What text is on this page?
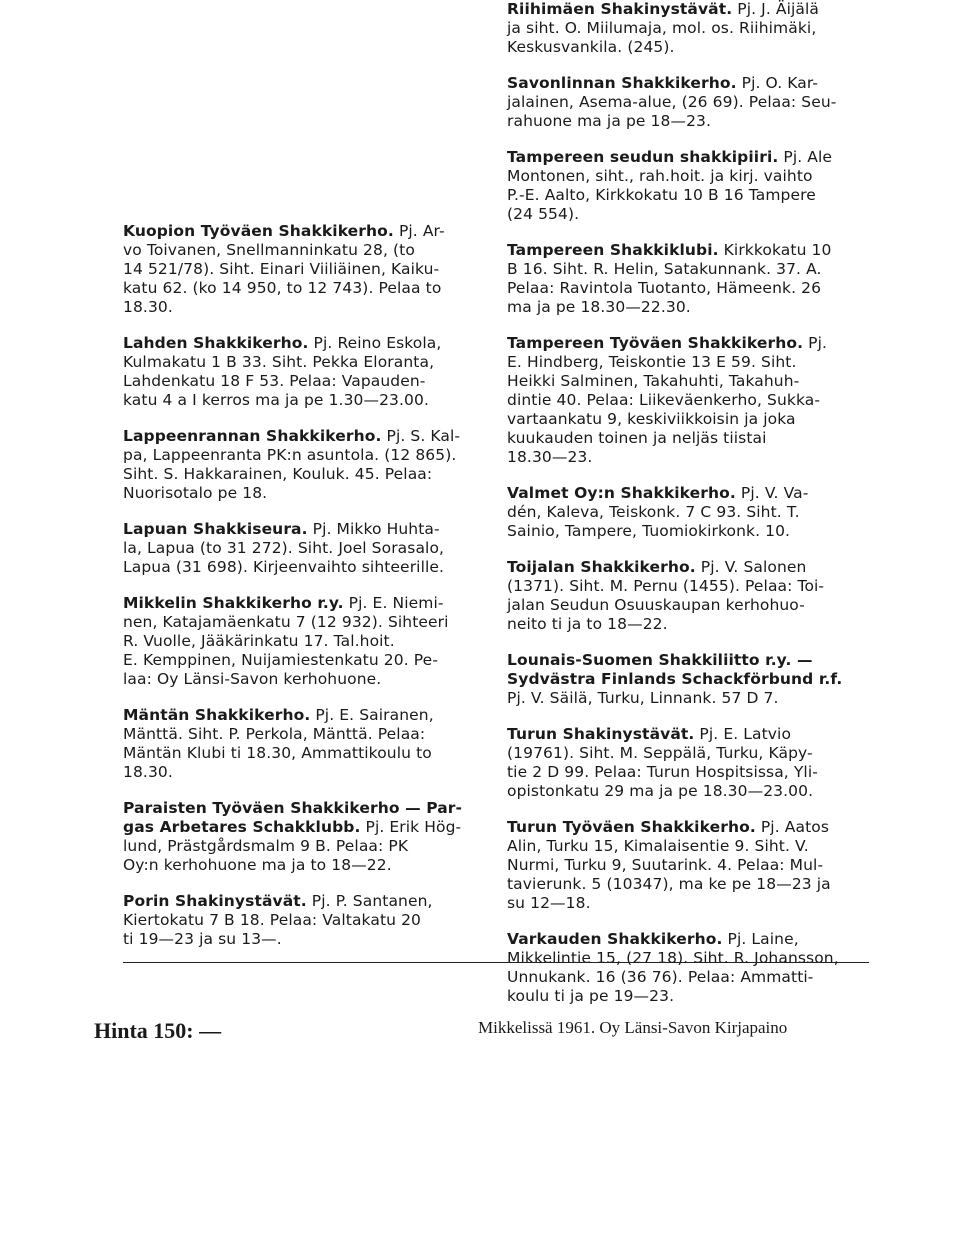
Kuopion Työväen Shakkikerho. Pj. Ar-
vo Toivanen, Snellmanninkatu 28, (to
14 521/78). Siht. Einari Viiliäinen, Kaiku-
katu 62. (ko 14 950, to 12 743). Pelaa to
18.30.
Lahden Shakkikerho. Pj. Reino Eskola,
Kulmakatu 1 B 33. Siht. Pekka Eloranta,
Lahdenkatu 18 F 53. Pelaa: Vapauden-
katu 4 a I kerros ma ja pe 1.30—23.00.
Lappeenrannan Shakkikerho. Pj. S. Kal-
pa, Lappeenranta PK:n asuntola. (12 865).
Siht. S. Hakkarainen, Kouluk. 45. Pelaa:
Nuorisotalo pe 18.
Lapuan Shakkiseura. Pj. Mikko Huhta-
la, Lapua (to 31 272). Siht. Joel Sorasalo,
Lapua (31 698). Kirjeenvaihto sihteerille.
Mikkelin Shakkikerho r.y. Pj. E. Niemi-
nen, Katajamäenkatu 7 (12 932). Sihteeri
R. Vuolle, Jääkärinkatu 17. Tal.hoit.
E. Kemppinen, Nuijamiestenkatu 20. Pe-
laa: Oy Länsi-Savon kerhohuone.
Mäntän Shakkikerho. Pj. E. Sairanen,
Mänttä. Siht. P. Perkola, Mänttä. Pelaa:
Mäntän Klubi ti 18.30, Ammattikoulu to
18.30.
Paraisten Työväen Shakkikerho — Par-
gas Arbetares Schakklubb. Pj. Erik Hög-
lund, Prästgårdsmalm 9 B. Pelaa: PK
Oy:n kerhohuone ma ja to 18—22.
Porin Shakinystävät. Pj. P. Santanen,
Kiertokatu 7 B 18. Pelaa: Valtakatu 20
ti 19—23 ja su 13—.
Riihimäen Shakinystävät. Pj. J. Äijälä
ja siht. O. Miilumaja, mol. os. Riihimäki,
Keskusvankila. (245).
Savonlinnan Shakkikerho. Pj. O. Kar-
jalainen, Asema-alue, (26 69). Pelaa: Seu-
rahuone ma ja pe 18—23.
Tampereen seudun shakkipiiri. Pj. Ale
Montonen, siht., rah.hoit. ja kirj. vaihto
P.-E. Aalto, Kirkkokatu 10 B 16 Tampere
(24 554).
Tampereen Shakkiklubi. Kirkkokatu 10
B 16. Siht. R. Helin, Satakunnank. 37. A.
Pelaa: Ravintola Tuotanto, Hämeenk. 26
ma ja pe 18.30—22.30.
Tampereen Työväen Shakkikerho. Pj.
E. Hindberg, Teiskontie 13 E 59. Siht.
Heikki Salminen, Takahuhti, Takahuh-
dintie 40. Pelaa: Liikeväenkerho, Sukka-
vartaankatu 9, keskiviikkoisin ja joka
kuukauden toinen ja neljäs tiistai
18.30—23.
Valmet Oy:n Shakkikerho. Pj. V. Va-
dén, Kaleva, Teiskonk. 7 C 93. Siht. T.
Sainio, Tampere, Tuomiokirkonk. 10.
Toijalan Shakkikerho. Pj. V. Salonen
(1371). Siht. M. Pernu (1455). Pelaa: Toi-
jalan Seudun Osuuskaupan kerhohuo-
neito ti ja to 18—22.
Lounais-Suomen Shakkiliitto r.y. —
Sydvästra Finlands Schackförbund r.f.
Pj. V. Säilä, Turku, Linnank. 57 D 7.
Turun Shakinystävät. Pj. E. Latvio
(19761). Siht. M. Seppälä, Turku, Käpy-
tie 2 D 99. Pelaa: Turun Hospitsissa, Yli-
opistonkatu 29 ma ja pe 18.30—23.00.
Turun Työväen Shakkikerho. Pj. Aatos
Alin, Turku 15, Kimalaisentie 9. Siht. V.
Nurmi, Turku 9, Suutarink. 4. Pelaa: Mul-
tavierunk. 5 (10347), ma ke pe 18—23 ja
su 12—18.
Varkauden Shakkikerho. Pj. Laine,
Mikkelintie 15, (27 18). Siht. R. Johansson,
Unnukank. 16 (36 76). Pelaa: Ammatti-
koulu ti ja pe 19—23.
Hinta 150: —	Mikkelissä 1961. Oy Länsi-Savon Kirjapaino
